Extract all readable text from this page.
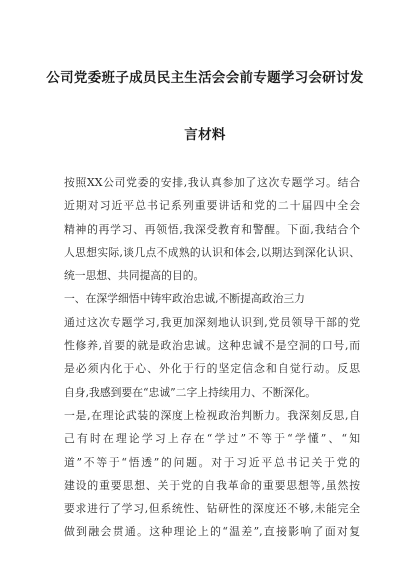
公司党委班子成员民主生活会会前专题学习会研讨发
言材料
按照XX公司党委的安排,我认真参加了这次专题学习。结合
近期对习近平总书记系列重要讲话和党的二十届四中全会
精神的再学习、再领悟,我深受教育和警醒。下面,我结合个
人思想实际,谈几点不成熟的认识和体会,以期达到深化认识、
统一思想、共同提高的目的。
一、在深学细悟中铸牢政治忠诚,不断提高政治三力
通过这次专题学习,我更加深刻地认识到,党员领导干部的党
性修养,首要的就是政治忠诚。这种忠诚不是空洞的口号,而
是必须内化于心、外化于行的坚定信念和自觉行动。反思
自身,我感到要在“忠诚”二字上持续用力、不断深化。
一是,在理论武装的深度上检视政治判断力。我深刻反思,自
己有时在理论学习上存在“学过”不等于“学懂”、“知
道”不等于“悟透”的问题。对于习近平总书记关于党的
建设的重要思想、关于党的自我革命的重要思想等,虽然按
要求进行了学习,但系统性、钻研性的深度还不够,未能完全
做到融会贯通。这种理论上的“温差”,直接影响了面对复
